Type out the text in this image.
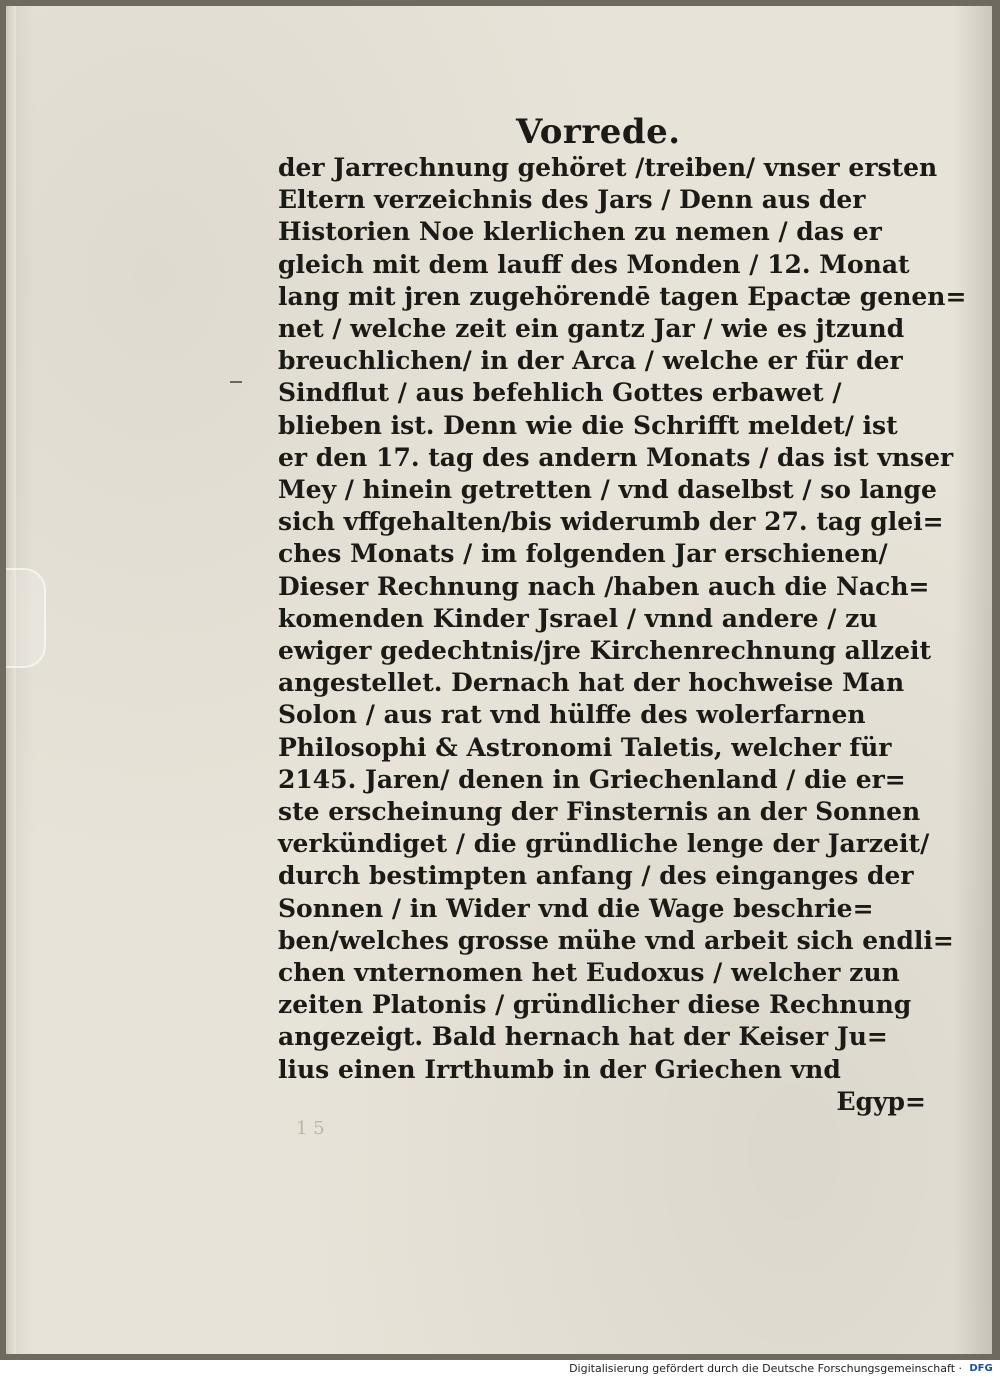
Vorrede.
der Jarrechnung gehöret /treiben/ vnser ersten
Eltern verzeichnis des Jars / Denn aus der
Historien Noe klerlichen zu nemen / das er
gleich mit dem lauff des Monden / 12. Monat
lang mit jren zugehörendē tagen Epactæ genen=
net / welche zeit ein gantz Jar / wie es jtzund
breuchlichen/ in der Arca / welche er für der
Sindflut / aus befehlich Gottes erbawet /
blieben ist. Denn wie die Schrifft meldet/ ist
er den 17. tag des andern Monats / das ist vnser
Mey / hinein getretten / vnd daselbst / so lange
sich vffgehalten/bis widerumb der 27. tag glei=
ches Monats / im folgenden Jar erschienen/
Dieser Rechnung nach /haben auch die Nach=
komenden Kinder Jsrael / vnnd andere / zu
ewiger gedechtnis/jre Kirchenrechnung allzeit
angestellet. Dernach hat der hochweise Man
Solon / aus rat vnd hülffe des wolerfarnen
Philosophi & Astronomi Taletis, welcher für
2145. Jaren/ denen in Griechenland / die er=
ste erscheinung der Finsternis an der Sonnen
verkündiget / die gründliche lenge der Jarzeit/
durch bestimpten anfang / des einganges der
Sonnen / in Wider vnd die Wage beschrie=
ben/welches grosse mühe vnd arbeit sich endli=
chen vnternomen het Eudoxus / welcher zun
zeiten Platonis / gründlicher diese Rechnung
angezeigt. Bald hernach hat der Keiser Ju=
lius einen Irrthumb in der Griechen vnd
Egyp=
1 5
Digitalisierung gefördert durch die Deutsche Forschungsgemeinschaft · DFG
